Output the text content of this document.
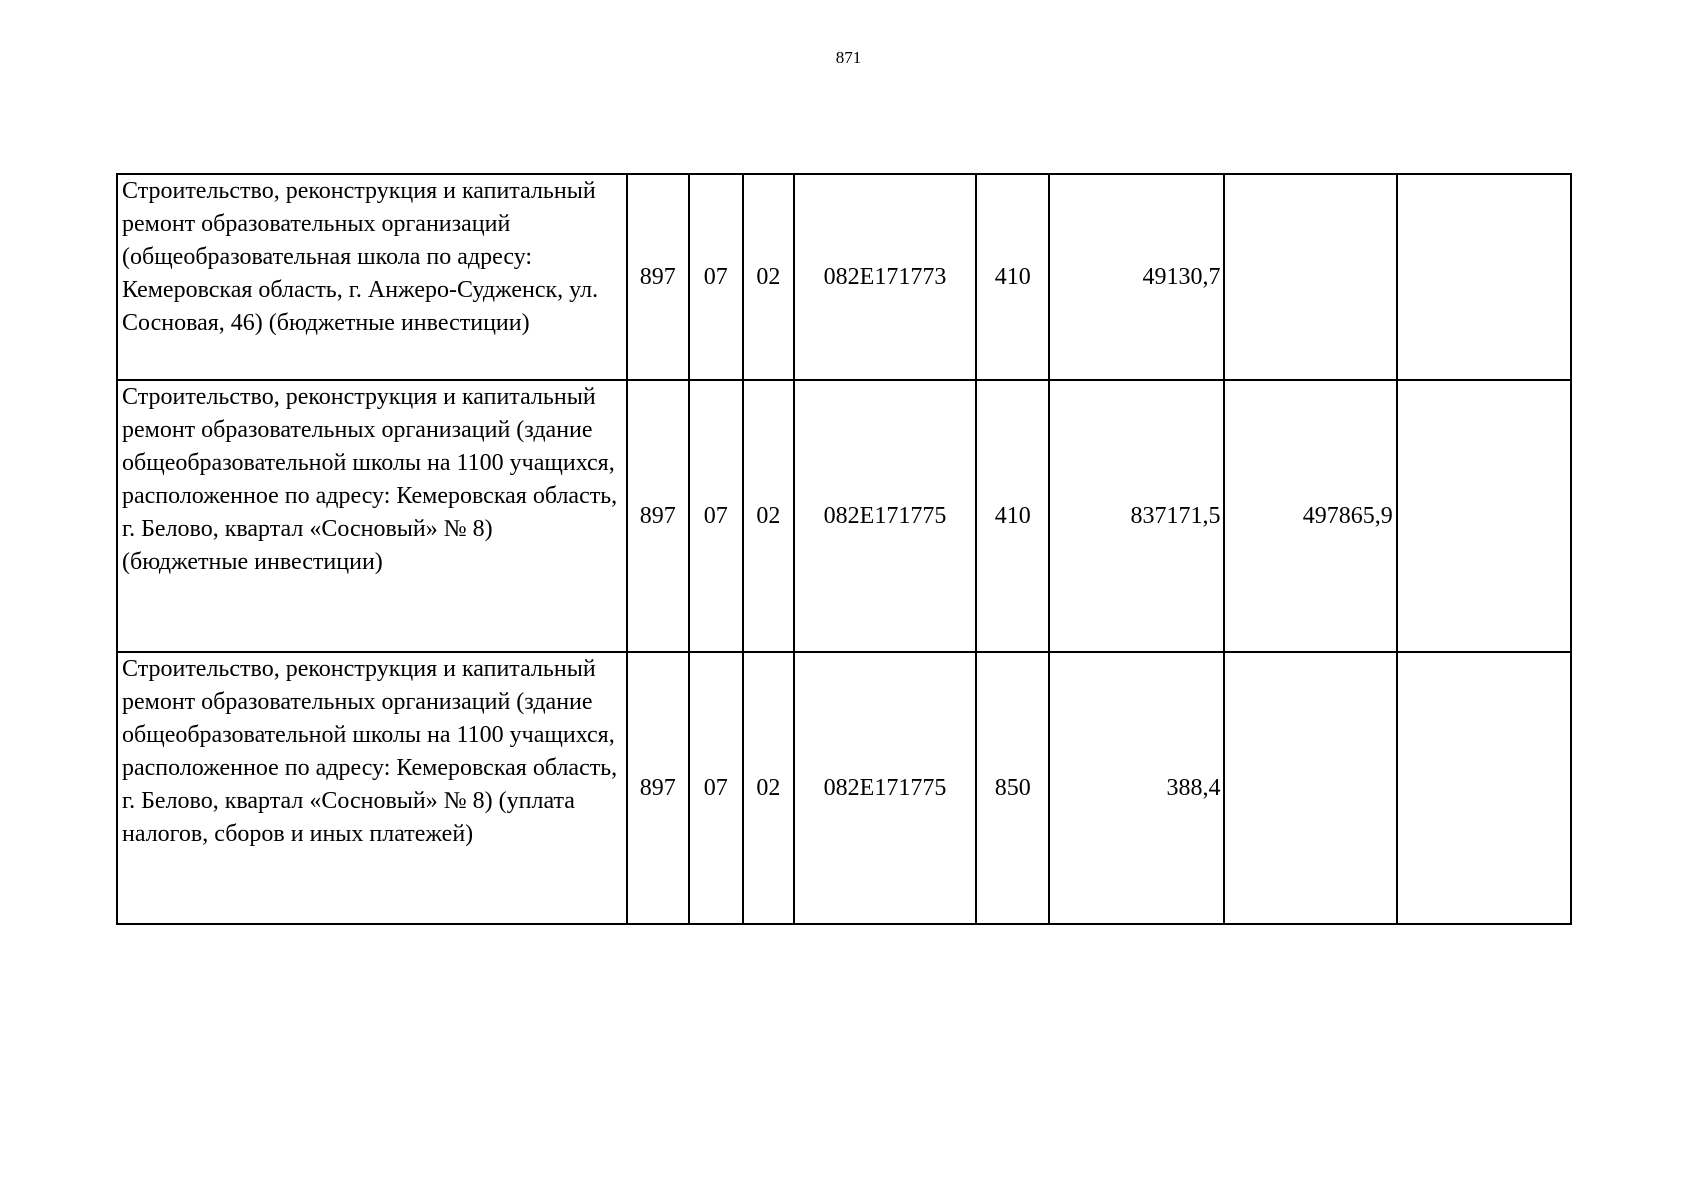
871
Строительство, реконструкция и капитальный ремонт образовательных организаций (общеобразовательная школа по адресу: Кемеровская область, г. Анжеро-Судженск, ул. Сосновая, 46) (бюджетные инвестиции)	897	07	02	082E171773	410	49130,7		
Строительство, реконструкция и капитальный ремонт образовательных организаций (здание общеобразовательной школы на 1100 учащихся, расположенное по адресу: Кемеровская область, г. Белово, квартал «Сосновый» № 8) (бюджетные инвестиции)	897	07	02	082E171775	410	837171,5	497865,9	
Строительство, реконструкция и капитальный ремонт образовательных организаций (здание общеобразовательной школы на 1100 учащихся, расположенное по адресу: Кемеровская область, г. Белово, квартал «Сосновый» № 8) (уплата налогов, сборов и иных платежей)	897	07	02	082E171775	850	388,4		
